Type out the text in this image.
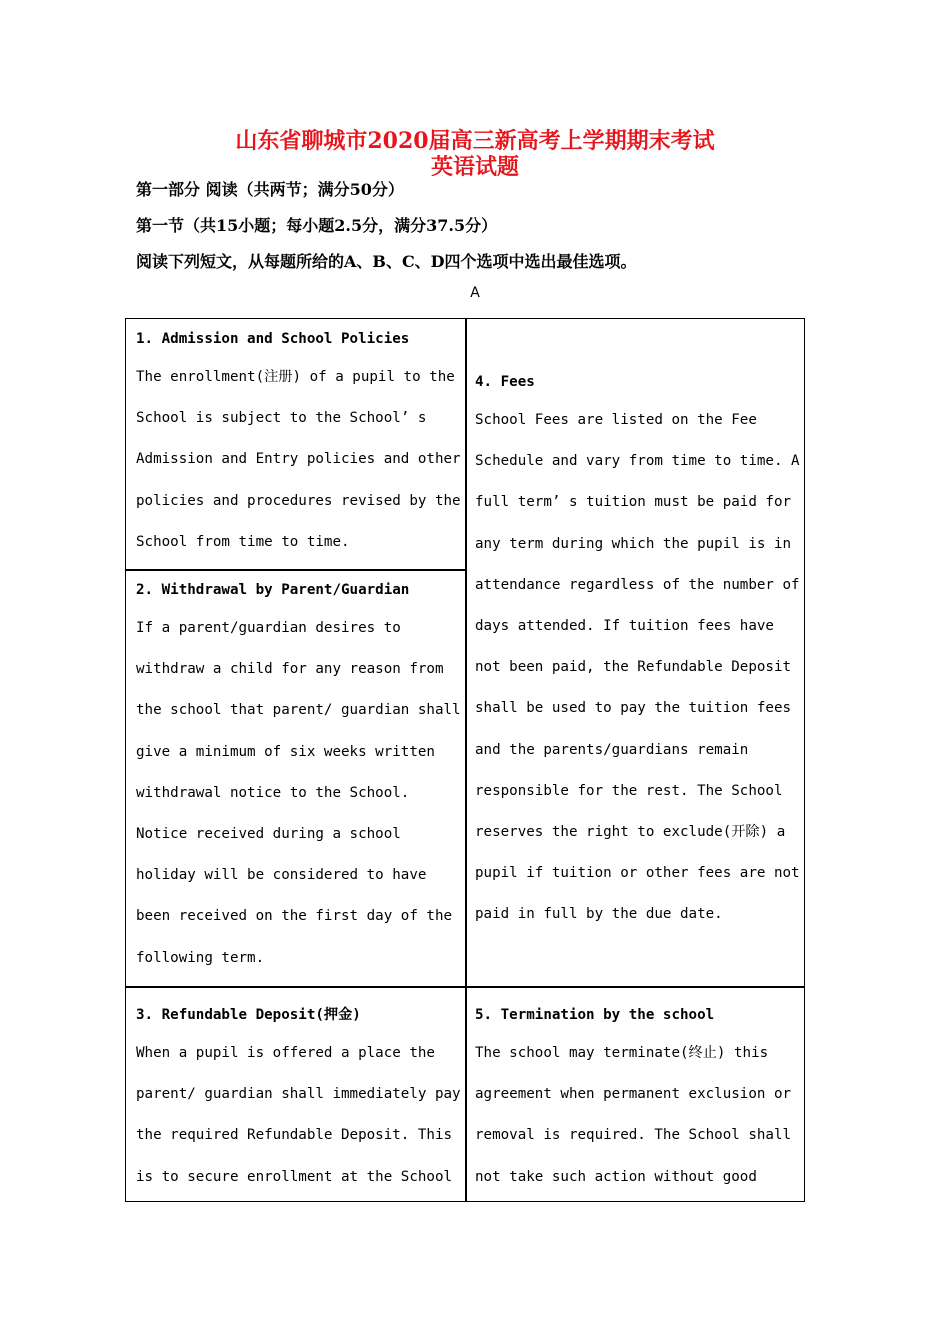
山东省聊城市2020届高三新高考上学期期末考试
英语试题
第一部分 阅读（共两节；满分50分）
第一节（共15小题；每小题2.5分，满分37.5分）
阅读下列短文，从每题所给的A、B、C、D四个选项中选出最佳选项。
A
1. Admission and School Policies
The enrollment(注册) of a pupil to the
School is subject to the School’ s
Admission and Entry policies and other
policies and procedures revised by the
School from time to time.
2. Withdrawal by Parent/Guardian
If a parent/guardian desires to
withdraw a child for any reason from
the school that parent/ guardian shall
give a minimum of six weeks written
withdrawal notice to the School.
Notice received during a school
holiday will be considered to have
been received on the first day of the
following term.
3. Refundable Deposit(押金)
When a pupil is offered a place the
parent/ guardian shall immediately pay
the required Refundable Deposit. This
is to secure enrollment at the School
4. Fees
School Fees are listed on the Fee
Schedule and vary from time to time. A
full term’ s tuition must be paid for
any term during which the pupil is in
attendance regardless of the number of
days attended. If tuition fees have
not been paid, the Refundable Deposit
shall be used to pay the tuition fees
and the parents/guardians remain
responsible for the rest. The School
reserves the right to exclude(开除) a
pupil if tuition or other fees are not
paid in full by the due date.
5. Termination by the school
The school may terminate(终止) this
agreement when permanent exclusion or
removal is required. The School shall
not take such action without good
